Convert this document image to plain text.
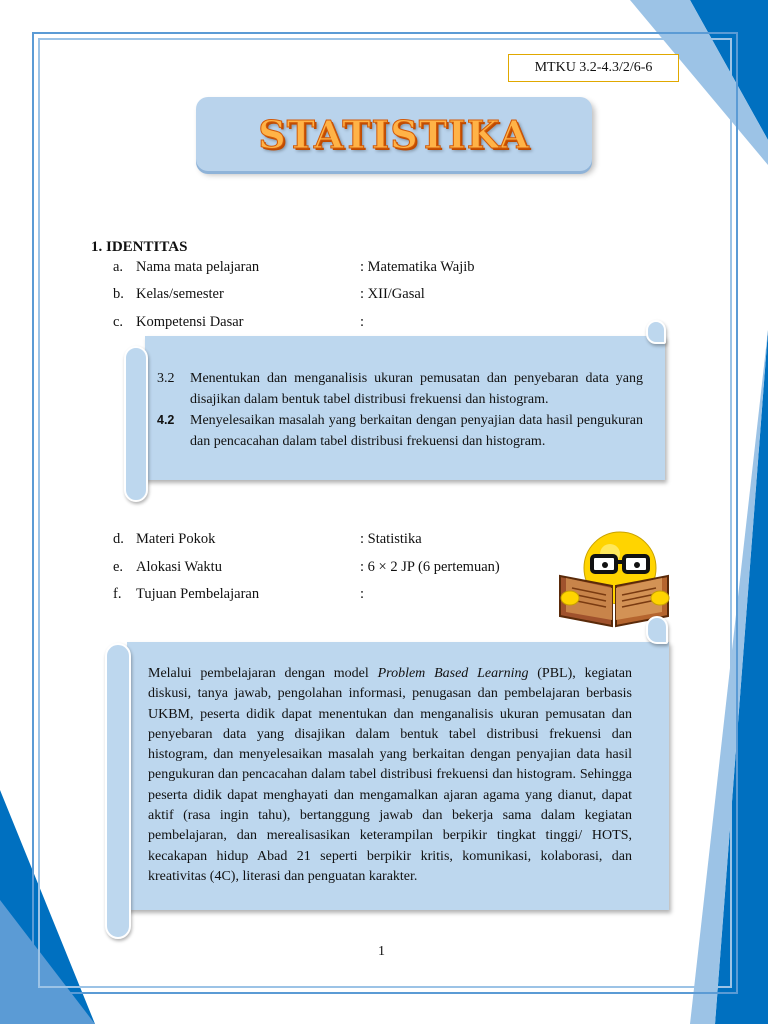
MTKU 3.2-4.3/2/6-6
STATISTIKA
1. IDENTITAS
a. Nama mata pelajaran	: Matematika Wajib
b. Kelas/semester	: XII/Gasal
c. Kompetensi Dasar	:
3.2 Menentukan dan menganalisis ukuran pemusatan dan penyebaran data yang disajikan dalam bentuk tabel distribusi frekuensi dan histogram.
4.2 Menyelesaikan masalah yang berkaitan dengan penyajian data hasil pengukuran dan pencacahan dalam tabel distribusi frekuensi dan histogram.
d. Materi Pokok	: Statistika
e. Alokasi Waktu	: 6 × 2 JP (6 pertemuan)
f.	Tujuan Pembelajaran	:
Melalui pembelajaran dengan model Problem Based Learning (PBL), kegiatan diskusi, tanya jawab, pengolahan informasi, penugasan dan pembelajaran berbasis UKBM, peserta didik dapat menentukan dan menganalisis ukuran pemusatan dan penyebaran data yang disajikan dalam bentuk tabel distribusi frekuensi dan histogram, dan menyelesaikan masalah yang berkaitan dengan penyajian data hasil pengukuran dan pencacahan dalam tabel distribusi frekuensi dan histogram. Sehingga peserta didik dapat menghayati dan mengamalkan ajaran agama yang dianut, dapat aktif (rasa ingin tahu), bertanggung jawab dan bekerja sama dalam kegiatan pembelajaran, dan merealisasikan keterampilan berpikir tingkat tinggi/ HOTS, kecakapan hidup Abad 21 seperti berpikir kritis, komunikasi, kolaborasi, dan kreativitas (4C), literasi dan penguatan karakter.
1
